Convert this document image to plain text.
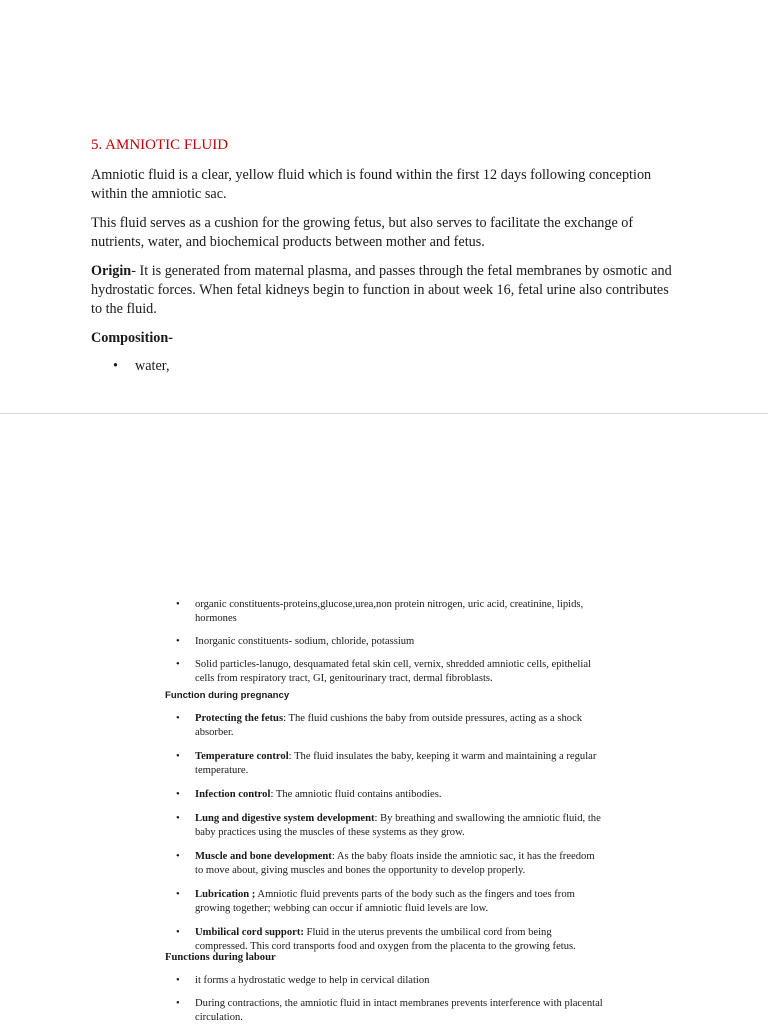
5. AMNIOTIC FLUID

Amniotic fluid is a clear, yellow fluid which is found within the first 12 days following conception within the amniotic sac.

This fluid serves as a cushion for the growing fetus, but also serves to facilitate the exchange of nutrients, water, and biochemical products between mother and fetus.

Origin- It is generated from maternal plasma, and passes through the fetal membranes by osmotic and hydrostatic forces. When fetal kidneys begin to function in about week 16, fetal urine also contributes to the fluid.

Composition-

• water,

• organic constituents-proteins,glucose,urea,non protein nitrogen, uric acid, creatinine, lipids, hormones
• Inorganic constituents- sodium, chloride, potassium
• Solid particles-lanugo, desquamated fetal skin cell, vernix, shredded amniotic cells, epithelial cells from respiratory tract, GI, genitourinary tract, dermal fibroblasts.

Function during pregnancy

• Protecting the fetus: The fluid cushions the baby from outside pressures, acting as a shock absorber.
• Temperature control: The fluid insulates the baby, keeping it warm and maintaining a regular temperature.
• Infection control: The amniotic fluid contains antibodies.
• Lung and digestive system development: By breathing and swallowing the amniotic fluid, the baby practices using the muscles of these systems as they grow.
• Muscle and bone development: As the baby floats inside the amniotic sac, it has the freedom to move about, giving muscles and bones the opportunity to develop properly.
• Lubrication ; Amniotic fluid prevents parts of the body such as the fingers and toes from growing together; webbing can occur if amniotic fluid levels are low.
• Umbilical cord support: Fluid in the uterus prevents the umbilical cord from being compressed. This cord transports food and oxygen from the placenta to the growing fetus.

Functions during labour

• it forms a hydrostatic wedge to help in cervical dilation
• During contractions, the amniotic fluid in intact membranes prevents interference with placental circulation.
